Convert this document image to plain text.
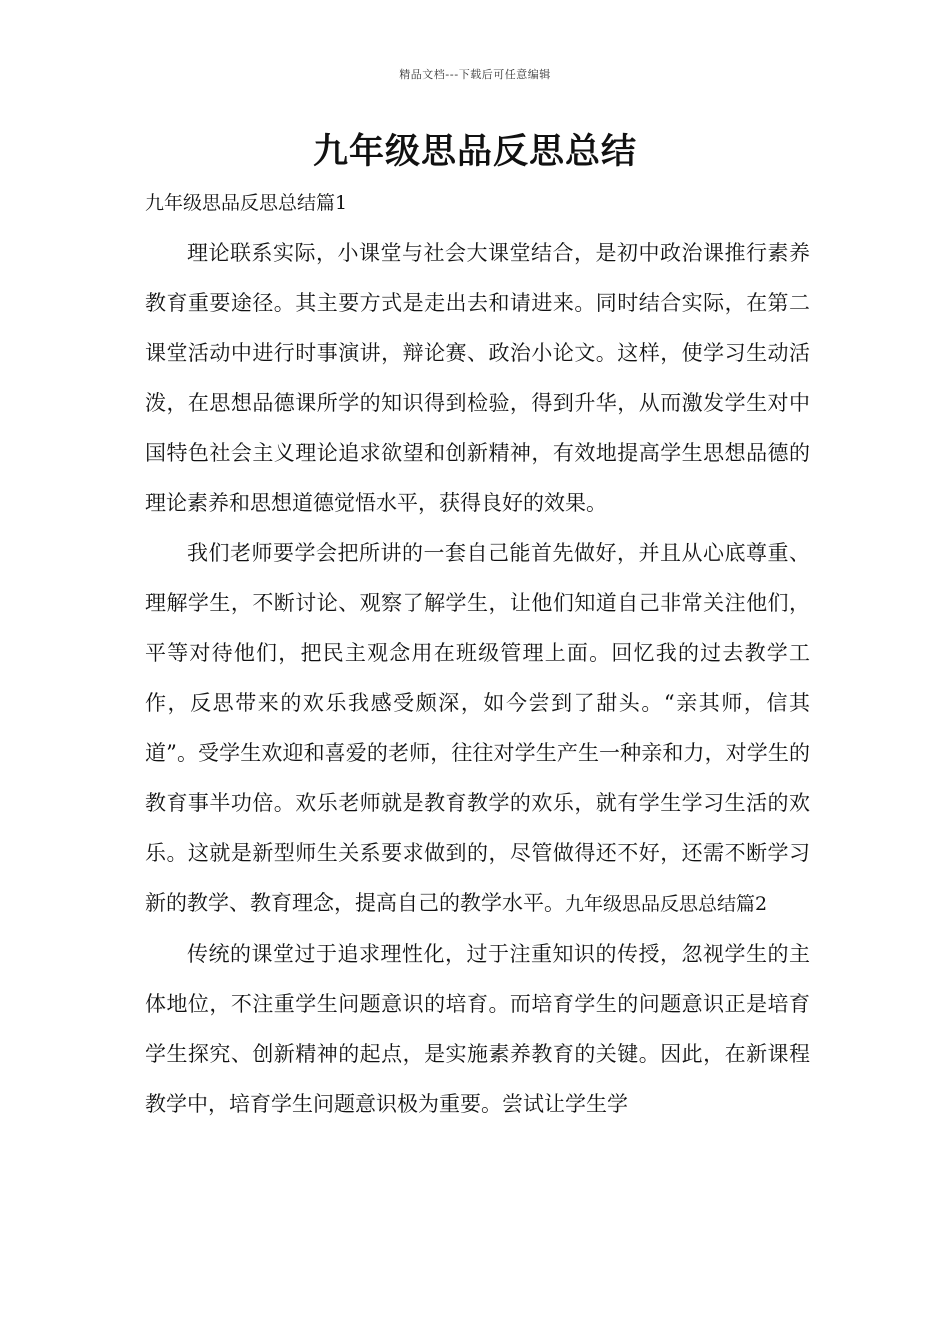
精品文档---下载后可任意编辑
九年级思品反思总结

九年级思品反思总结篇1

理论联系实际，小课堂与社会大课堂结合，是初中政治课推行素养教育重要途径。其主要方式是走出去和请进来。同时结合实际，在第二课堂活动中进行时事演讲，辩论赛、政治小论文。这样，使学习生动活泼，在思想品德课所学的知识得到检验，得到升华，从而激发学生对中国特色社会主义理论追求欲望和创新精神，有效地提高学生思想品德的理论素养和思想道德觉悟水平，获得良好的效果。

我们老师要学会把所讲的一套自己能首先做好，并且从心底尊重、理解学生，不断讨论、观察了解学生，让他们知道自己非常关注他们，平等对待他们，把民主观念用在班级管理上面。回忆我的过去教学工作，反思带来的欢乐我感受颇深，如今尝到了甜头。“亲其师，信其道”。受学生欢迎和喜爱的老师，往往对学生产生一种亲和力，对学生的教育事半功倍。欢乐老师就是教育教学的欢乐，就有学生学习生活的欢乐。这就是新型师生关系要求做到的，尽管做得还不好，还需不断学习新的教学、教育理念，提高自己的教学水平。九年级思品反思总结篇2

传统的课堂过于追求理性化，过于注重知识的传授，忽视学生的主体地位，不注重学生问题意识的培育。而培育学生的问题意识正是培育学生探究、创新精神的起点，是实施素养教育的关键。因此，在新课程教学中，培育学生问题意识极为重要。尝试让学生学
